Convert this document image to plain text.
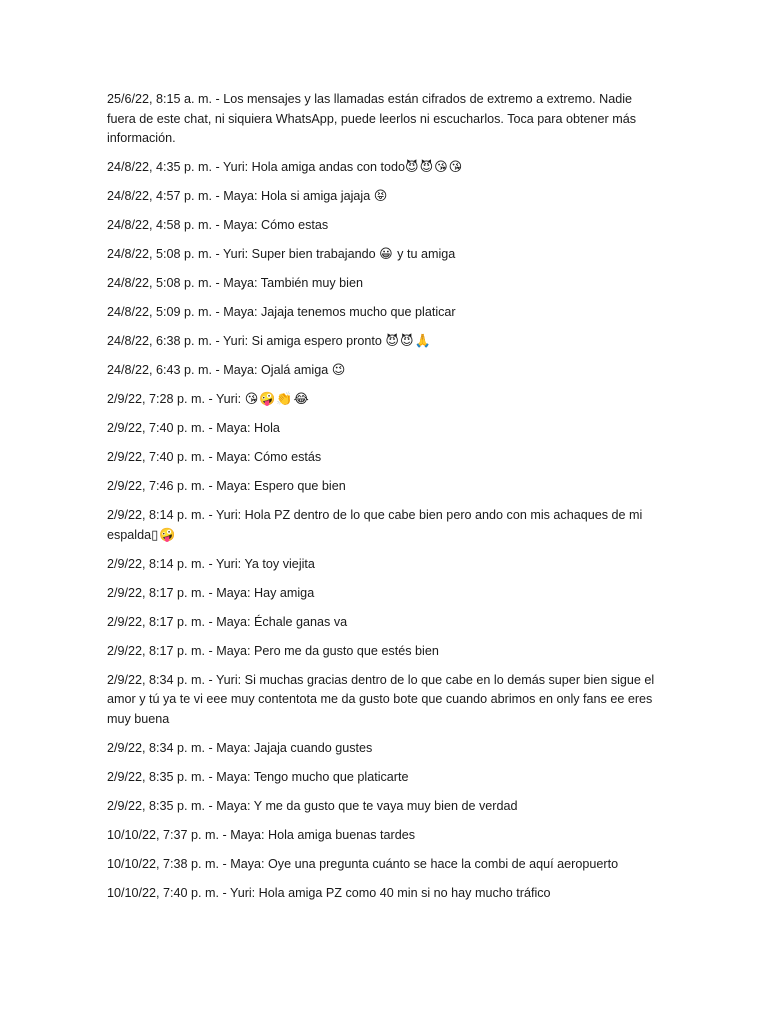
25/6/22, 8:15 a. m. - Los mensajes y las llamadas están cifrados de extremo a extremo. Nadie fuera de este chat, ni siquiera WhatsApp, puede leerlos ni escucharlos. Toca para obtener más información.

24/8/22, 4:35 p. m. - Yuri: Hola amiga andas con todo😈😈😘😘

24/8/22, 4:57 p. m. - Maya: Hola si amiga jajaja 😝

24/8/22, 4:58 p. m. - Maya: Cómo estas

24/8/22, 5:08 p. m. - Yuri: Super bien trabajando 😀 y tu amiga

24/8/22, 5:08 p. m. - Maya: También muy bien

24/8/22, 5:09 p. m. - Maya: Jajaja tenemos mucho que platicar

24/8/22, 6:38 p. m. - Yuri: Si amiga espero pronto 😈😈🙏

24/8/22, 6:43 p. m. - Maya: Ojalá amiga 😉

2/9/22, 7:28 p. m. - Yuri: 😘🤪👏😂

2/9/22, 7:40 p. m. - Maya: Hola

2/9/22, 7:40 p. m. - Maya: Cómo estás

2/9/22, 7:46 p. m. - Maya: Espero que bien

2/9/22, 8:14 p. m. - Yuri: Hola PZ dentro de lo que cabe bien pero ando con mis achaques de mi espalda▯🤪

2/9/22, 8:14 p. m. - Yuri: Ya toy viejita

2/9/22, 8:17 p. m. - Maya: Hay amiga

2/9/22, 8:17 p. m. - Maya: Échale ganas va

2/9/22, 8:17 p. m. - Maya: Pero me da gusto que estés bien

2/9/22, 8:34 p. m. - Yuri: Si muchas gracias dentro de lo que cabe en lo demás super bien sigue el amor y tú ya te vi eee muy contentota me da gusto bote que cuando abrimos en only fans ee eres muy buena

2/9/22, 8:34 p. m. - Maya: Jajaja cuando gustes

2/9/22, 8:35 p. m. - Maya: Tengo mucho que platicarte

2/9/22, 8:35 p. m. - Maya: Y me da gusto que te vaya muy bien de verdad

10/10/22, 7:37 p. m. - Maya: Hola amiga buenas tardes

10/10/22, 7:38 p. m. - Maya: Oye una pregunta cuánto se hace la combi de aquí aeropuerto

10/10/22, 7:40 p. m. - Yuri: Hola amiga PZ como 40 min si no hay mucho tráfico
